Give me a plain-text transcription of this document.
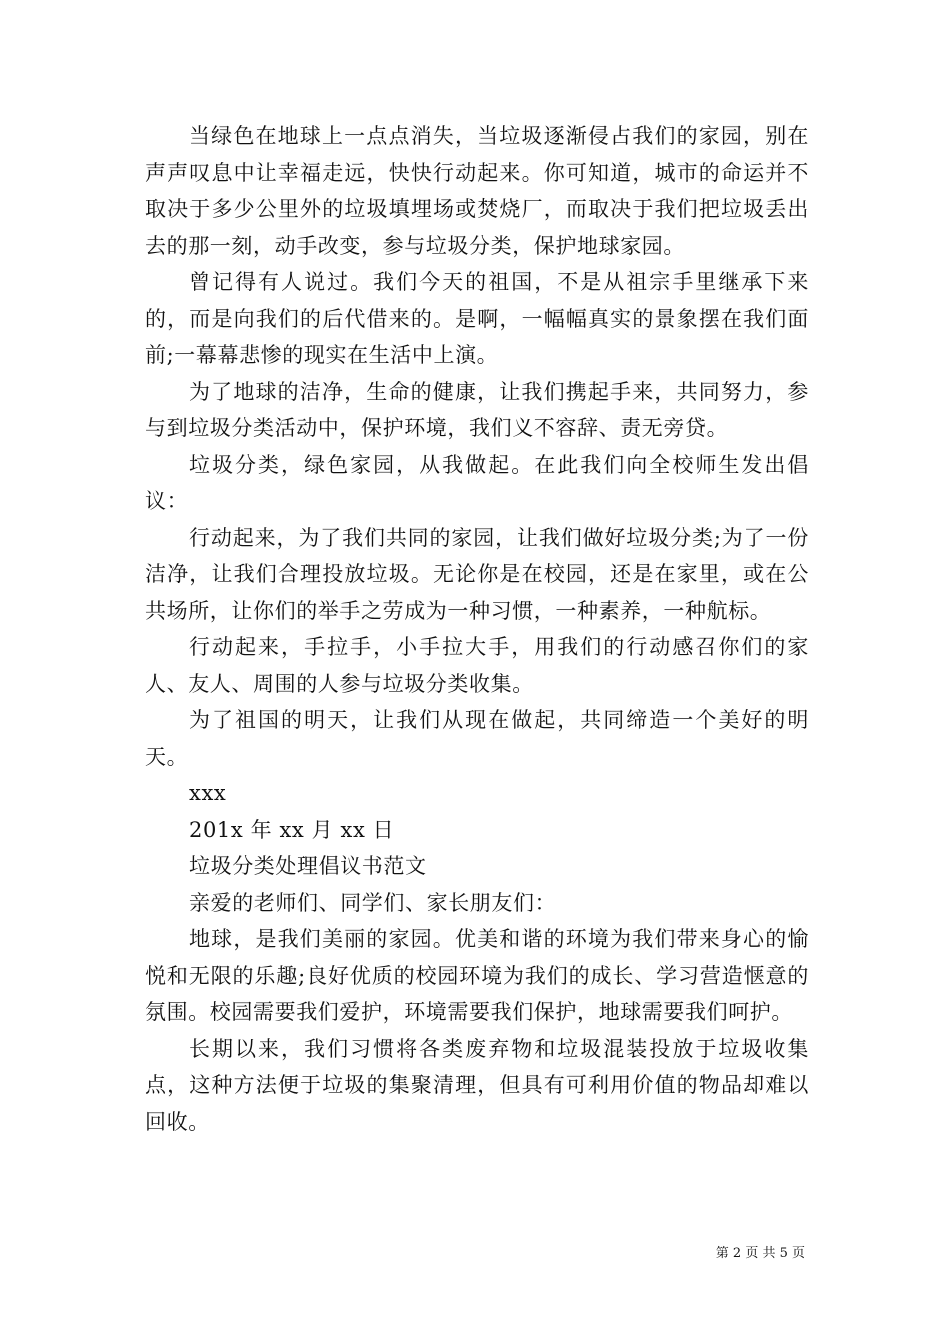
当绿色在地球上一点点消失，当垃圾逐渐侵占我们的家园，别在声声叹息中让幸福走远，快快行动起来。你可知道，城市的命运并不取决于多少公里外的垃圾填埋场或焚烧厂，而取决于我们把垃圾丢出去的那一刻，动手改变，参与垃圾分类，保护地球家园。

曾记得有人说过。我们今天的祖国，不是从祖宗手里继承下来的，而是向我们的后代借来的。是啊，一幅幅真实的景象摆在我们面前;一幕幕悲惨的现实在生活中上演。

为了地球的洁净，生命的健康，让我们携起手来，共同努力，参与到垃圾分类活动中，保护环境，我们义不容辞、责无旁贷。

垃圾分类，绿色家园，从我做起。在此我们向全校师生发出倡议：

行动起来，为了我们共同的家园，让我们做好垃圾分类;为了一份洁净，让我们合理投放垃圾。无论你是在校园，还是在家里，或在公共场所，让你们的举手之劳成为一种习惯，一种素养，一种航标。

行动起来，手拉手，小手拉大手，用我们的行动感召你们的家人、友人、周围的人参与垃圾分类收集。

为了祖国的明天，让我们从现在做起，共同缔造一个美好的明天。

xxx

201x 年 xx 月 xx 日

垃圾分类处理倡议书范文

亲爱的老师们、同学们、家长朋友们：

地球，是我们美丽的家园。优美和谐的环境为我们带来身心的愉悦和无限的乐趣;良好优质的校园环境为我们的成长、学习营造惬意的氛围。校园需要我们爱护，环境需要我们保护，地球需要我们呵护。

长期以来，我们习惯将各类废弃物和垃圾混装投放于垃圾收集点，这种方法便于垃圾的集聚清理，但具有可利用价值的物品却难以回收。

第 2 页 共 5 页
